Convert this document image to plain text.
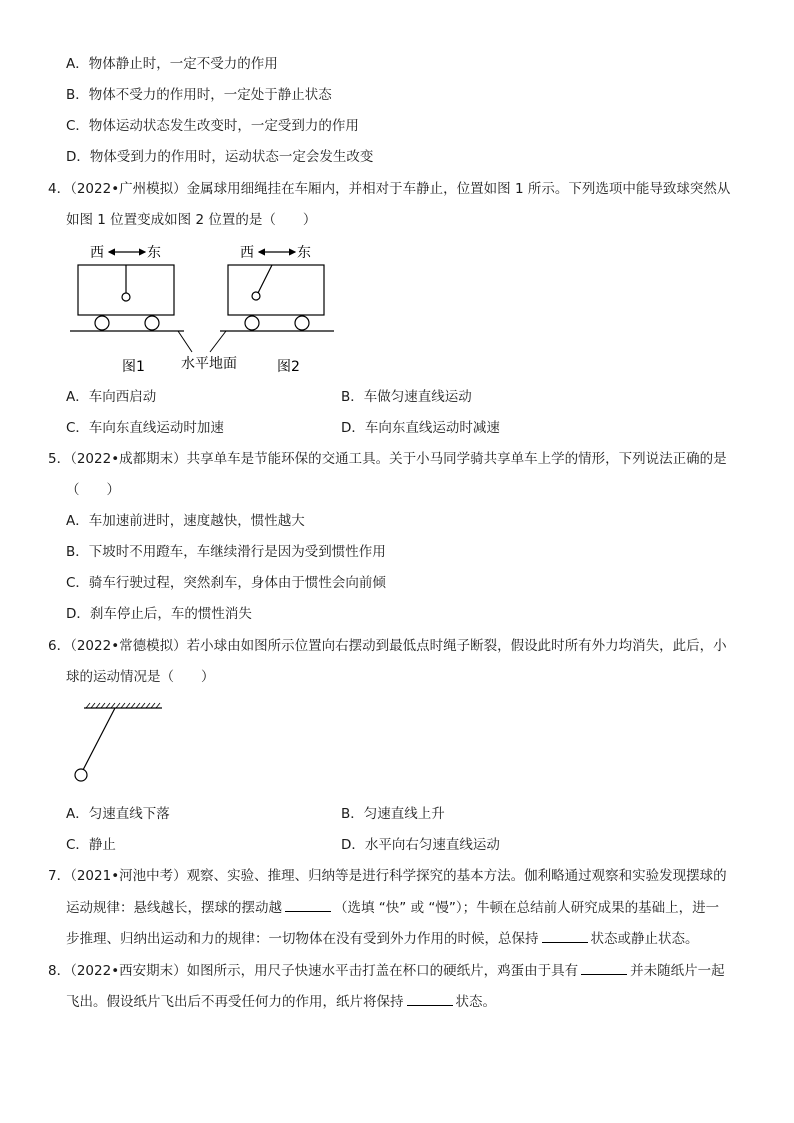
A．物体静止时，一定不受力的作用
B．物体不受力的作用时，一定处于静止状态
C．物体运动状态发生改变时，一定受到力的作用
D．物体受到力的作用时，运动状态一定会发生改变
4．（2022•广州模拟）金属球用细绳挂在车厢内，并相对于车静止，位置如图 1 所示。下列选项中能导致球突然从
如图 1 位置变成如图 2 位置的是（　　）
西	东	西	东
图1	水平地面	图2
A．车向西启动	B．车做匀速直线运动
C．车向东直线运动时加速	D．车向东直线运动时减速
5．（2022•成都期末）共享单车是节能环保的交通工具。关于小马同学骑共享单车上学的情形，下列说法正确的是
（　　）
A．车加速前进时，速度越快，惯性越大
B．下坡时不用蹬车，车继续滑行是因为受到惯性作用
C．骑车行驶过程，突然刹车，身体由于惯性会向前倾
D．刹车停止后，车的惯性消失
6．（2022•常德模拟）若小球由如图所示位置向右摆动到最低点时绳子断裂，假设此时所有外力均消失，此后，小
球的运动情况是（　　）
A．匀速直线下落	B．匀速直线上升
C．静止	D．水平向右匀速直线运动
7．（2021•河池中考）观察、实验、推理、归纳等是进行科学探究的基本方法。伽利略通过观察和实验发现摆球的
运动规律：悬线越长，摆球的摆动越	（选填 “快” 或 “慢”）；牛顿在总结前人研究成果的基础上，进一
步推理、归纳出运动和力的规律：一切物体在没有受到外力作用的时候，总保持	状态或静止状态。
8．（2022•西安期末）如图所示，用尺子快速水平击打盖在杯口的硬纸片，鸡蛋由于具有	并未随纸片一起
飞出。假设纸片飞出后不再受任何力的作用，纸片将保持	状态。
